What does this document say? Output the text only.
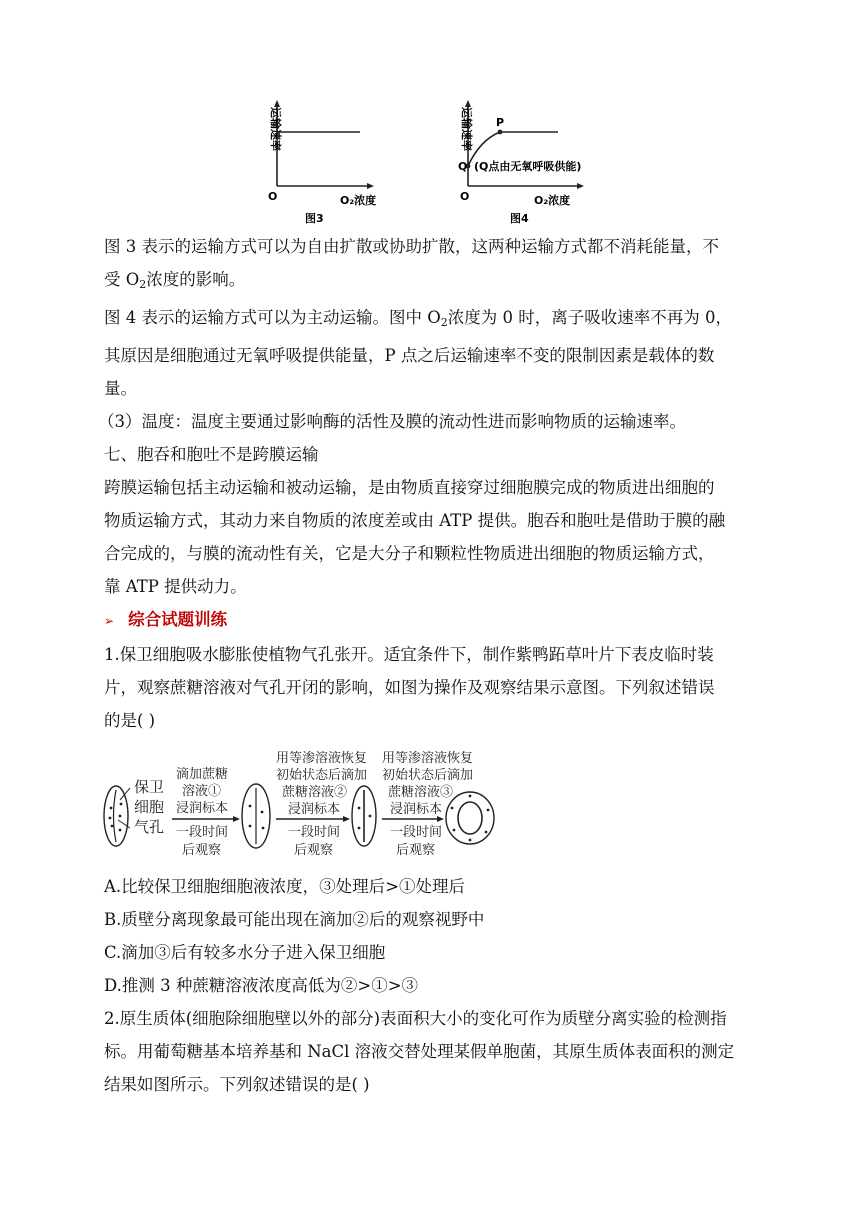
运输速率
O	O₂浓度
图3
运输速率 P
Q (Q点由无氧呼吸供能)
O	O₂浓度
图4

图 3 表示的运输方式可以为自由扩散或协助扩散，这两种运输方式都不消耗能量，不

受 $O_2$浓度的影响。

图 4 表示的运输方式可以为主动运输。图中 $O_2$浓度为 0 时，离子吸收速率不再为 0，

其原因是细胞通过无氧呼吸提供能量，P 点之后运输速率不变的限制因素是载体的数

量。

（3）温度：温度主要通过影响酶的活性及膜的流动性进而影响物质的运输速率。

七、胞吞和胞吐不是跨膜运输

跨膜运输包括主动运输和被动运输，是由物质直接穿过细胞膜完成的物质进出细胞的

物质运输方式，其动力来自物质的浓度差或由 ATP 提供。胞吞和胞吐是借助于膜的融

合完成的，与膜的流动性有关，它是大分子和颗粒性物质进出细胞的物质运输方式，

靠 ATP 提供动力。

➢ 综合试题训练

1.保卫细胞吸水膨胀使植物气孔张开。适宜条件下，制作紫鸭跖草叶片下表皮临时装

片，观察蔗糖溶液对气孔开闭的影响，如图为操作及观察结果示意图。下列叙述错误

的是( )

保卫
细胞
气孔
滴加蔗糖
溶液①
浸润标本
一段时间
后观察
用等渗溶液恢复
初始状态后滴加
蔗糖溶液②
浸润标本
一段时间
后观察
用等渗溶液恢复
初始状态后滴加
蔗糖溶液③
浸润标本
一段时间
后观察

A.比较保卫细胞细胞液浓度，③处理后>①处理后

B.质壁分离现象最可能出现在滴加②后的观察视野中

C.滴加③后有较多水分子进入保卫细胞

D.推测 3 种蔗糖溶液浓度高低为②>①>③

2.原生质体(细胞除细胞壁以外的部分)表面积大小的变化可作为质壁分离实验的检测指

标。用葡萄糖基本培养基和 NaCl 溶液交替处理某假单胞菌，其原生质体表面积的测定

结果如图所示。下列叙述错误的是( )
